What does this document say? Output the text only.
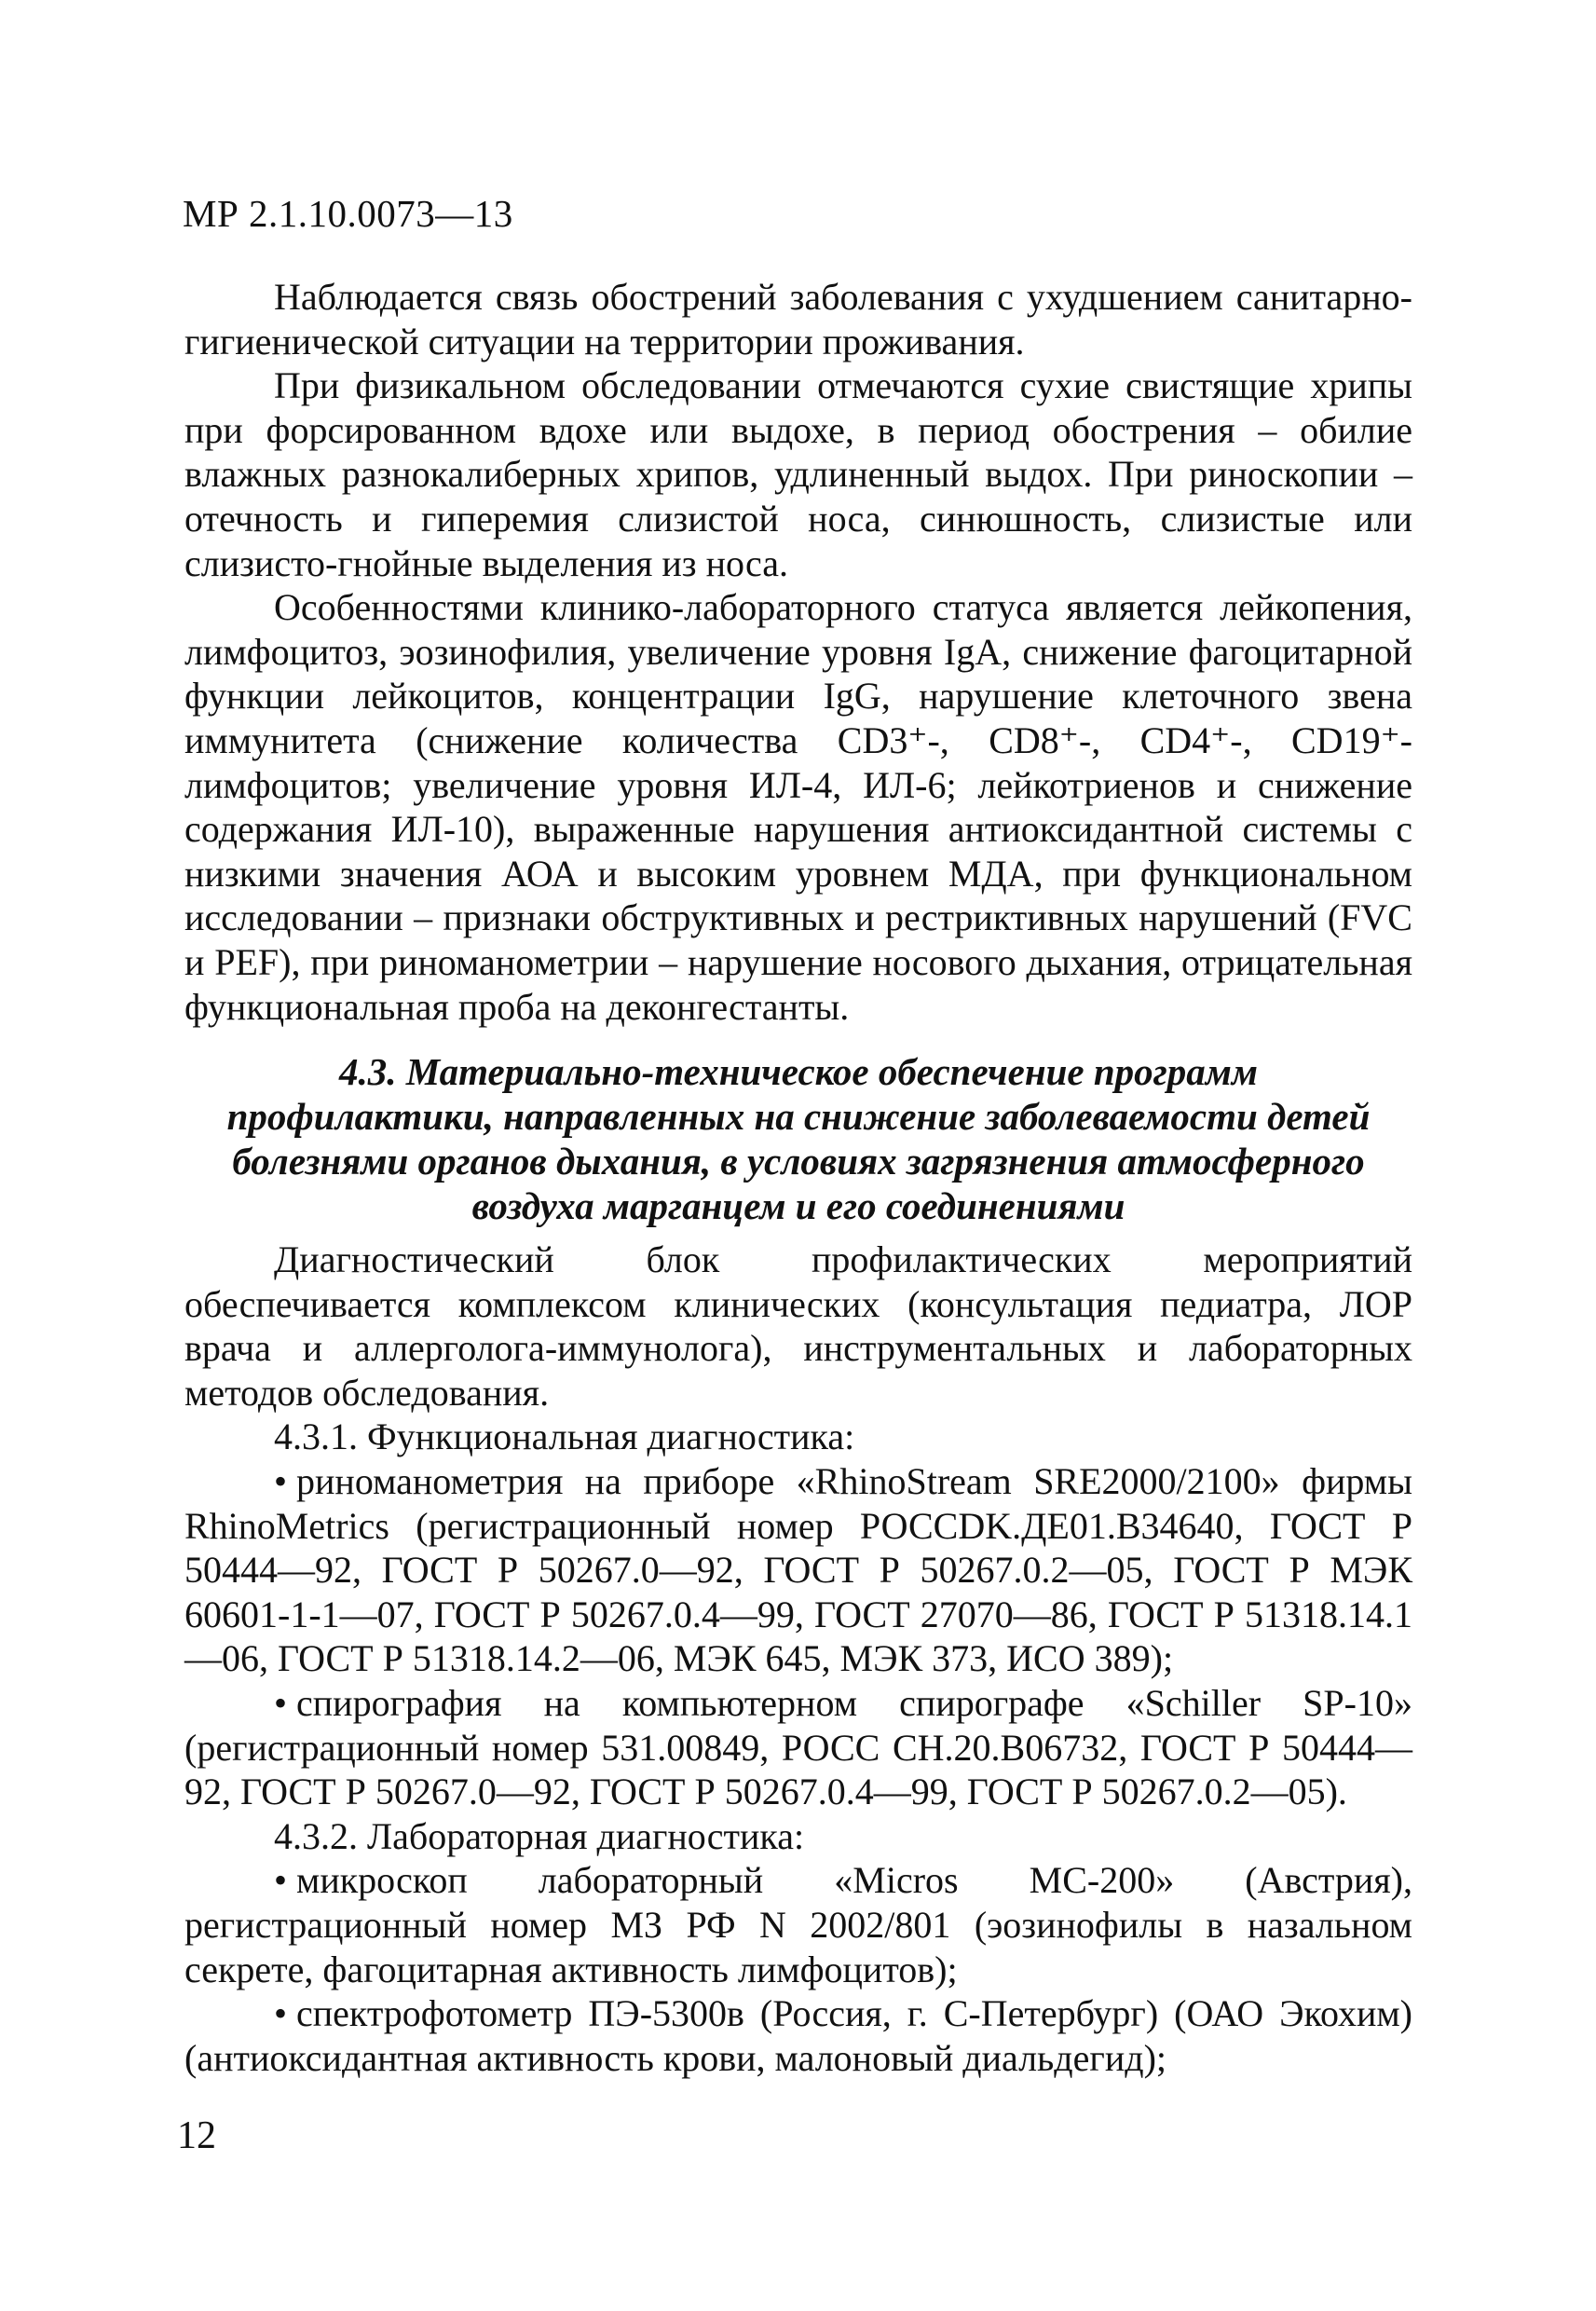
МР 2.1.10.0073—13

Наблюдается связь обострений заболевания с ухудшением санитарно-гигиенической ситуации на территории проживания.

При физикальном обследовании отмечаются сухие свистящие хрипы при форсированном вдохе или выдохе, в период обострения – обилие влажных разнокалиберных хрипов, удлиненный выдох. При риноскопии – отечность и гиперемия слизистой носа, синюшность, слизистые или слизисто-гнойные выделения из носа.

Особенностями клинико-лабораторного статуса является лейкопения, лимфоцитоз, эозинофилия, увеличение уровня IgA, снижение фагоцитарной функции лейкоцитов, концентрации IgG, нарушение клеточного звена иммунитета (снижение количества CD3⁺-, CD8⁺-, CD4⁺-, CD19⁺-лимфоцитов; увеличение уровня ИЛ-4, ИЛ-6; лейкотриенов и снижение содержания ИЛ-10), выраженные нарушения антиоксидантной системы с низкими значения АОА и высоким уровнем МДА, при функциональном исследовании – признаки обструктивных и рестриктивных нарушений (FVC и PEF), при риноманометрии – нарушение носового дыхания, отрицательная функциональная проба на деконгестанты.

4.3. Материально-техническое обеспечение программ профилактики, направленных на снижение заболеваемости детей болезнями органов дыхания, в условиях загрязнения атмосферного воздуха марганцем и его соединениями

Диагностический блок профилактических мероприятий обеспечивается комплексом клинических (консультация педиатра, ЛОР врача и аллерголога-иммунолога), инструментальных и лабораторных методов обследования.

4.3.1. Функциональная диагностика:

• риноманометрия на приборе «RhinoStream SRE2000/2100» фирмы RhinoMetrics (регистрационный номер РОССDK.ДЕ01.В34640, ГОСТ Р 50444—92, ГОСТ Р 50267.0—92, ГОСТ Р 50267.0.2—05, ГОСТ Р МЭК 60601-1-1—07, ГОСТ Р 50267.0.4—99, ГОСТ 27070—86, ГОСТ Р 51318.14.1—06, ГОСТ Р 51318.14.2—06, МЭК 645, МЭК 373, ИСО 389);

• спирография на компьютерном спирографе «Schiller SP-10» (регистрационный номер 531.00849, РОСС CH.20.В06732, ГОСТ Р 50444—92, ГОСТ Р 50267.0—92, ГОСТ Р 50267.0.4—99, ГОСТ Р 50267.0.2—05).

4.3.2. Лабораторная диагностика:

• микроскоп лабораторный «Micros МС-200» (Австрия), регистрационный номер МЗ РФ N 2002/801 (эозинофилы в назальном секрете, фагоцитарная активность лимфоцитов);

• спектрофотометр ПЭ-5300в (Россия, г. С-Петербург) (ОАО Экохим) (антиоксидантная активность крови, малоновый диальдегид);

12
